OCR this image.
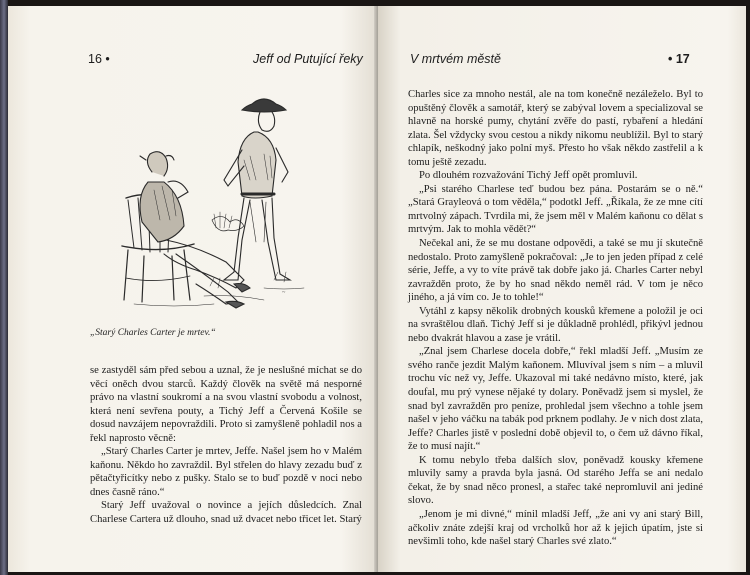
16 •	Jeff od Putující řeky
~
„Starý Charles Carter je mrtev.“

se zastyděl sám před sebou a uznal, že je neslušné míchat se do věcí oněch dvou starců. Každý člověk na světě má nesporné právo na vlastní soukromí a na svou vlastní svobodu a volnost, která není sevřena pouty, a Tichý Jeff a Červená Košile se dosud navzájem nepovraždili. Proto si zamyšleně pohladil nos a řekl naprosto věcně:

„Starý Charles Carter je mrtev, Jeffe. Našel jsem ho v Malém kaňonu. Někdo ho zavraždil. Byl střelen do hlavy zezadu buď z pětačtyřicítky nebo z pušky. Stalo se to buď pozdě v noci nebo dnes časně ráno.“

Starý Jeff uvažoval o novince a jejích důsledcích. Znal Charlese Cartera už dlouho, snad už dvacet nebo třicet let. Starý

V mrtvém městě	• 17

Charles sice za mnoho nestál, ale na tom konečně nezáleželo. Byl to opuštěný člověk a samotář, který se zabýval lovem a specializoval se hlavně na horské pumy, chytání zvěře do pastí, rybaření a hledání zlata. Šel vždycky svou cestou a nikdy nikomu neublížil. Byl to starý chlapík, neškodný jako polní myš. Přesto ho však někdo zastřelil a k tomu ještě zezadu.

Po dlouhém rozvažování Tichý Jeff opět promluvil.

„Psi starého Charlese teď budou bez pána. Postarám se o ně.“ „Stará Grayleová o tom věděla,“ podotkl Jeff. „Říkala, že ze mne cítí mrtvolný zápach. Tvrdila mi, že jsem měl v Malém kaňonu co dělat s mrtvým. Jak to mohla vědět?“

Nečekal ani, že se mu dostane odpovědi, a také se mu jí skutečně nedostalo. Proto zamyšleně pokračoval: „Je to jen jeden případ z celé série, Jeffe, a vy to víte právě tak dobře jako já. Charles Carter nebyl zavražděn proto, že by ho snad někdo neměl rád. V tom je něco jiného, a já vím co. Je to tohle!“

Vytáhl z kapsy několik drobných kousků křemene a položil je oci na svraštělou dlaň. Tichý Jeff si je důkladně prohlédl, přikývl jednou nebo dvakrát hlavou a zase je vrátil.

„Znal jsem Charlese docela dobře,“ řekl mladší Jeff. „Musím ze svého ranče jezdit Malým kaňonem. Mluvíval jsem s ním – a mluvil trochu víc než vy, Jeffe. Ukazoval mi také nedávno místo, které, jak doufal, mu prý vynese nějaké ty dolary. Poněvadž jsem si myslel, že snad byl zavražděn pro peníze, prohledal jsem všechno a tohle jsem našel v jeho váčku na tabák pod prknem podlahy. Je v nich dost zlata, Jeffe? Charles jistě v poslední době objevil to, o čem už dávno říkal, že to musí najít.“

K tomu nebylo třeba dalších slov, poněvadž kousky křemene mluvily samy a pravda byla jasná. Od starého Jeffa se ani nedalo čekat, že by snad něco pronesl, a stařec také nepromluvil ani jediné slovo.

„Jenom je mi divné,“ mínil mladší Jeff, „že ani vy ani starý Bill, ačkoliv znáte zdejší kraj od vrcholků hor až k jejich úpatím, jste si nevšimli toho, kde našel starý Charles své zlato.“
